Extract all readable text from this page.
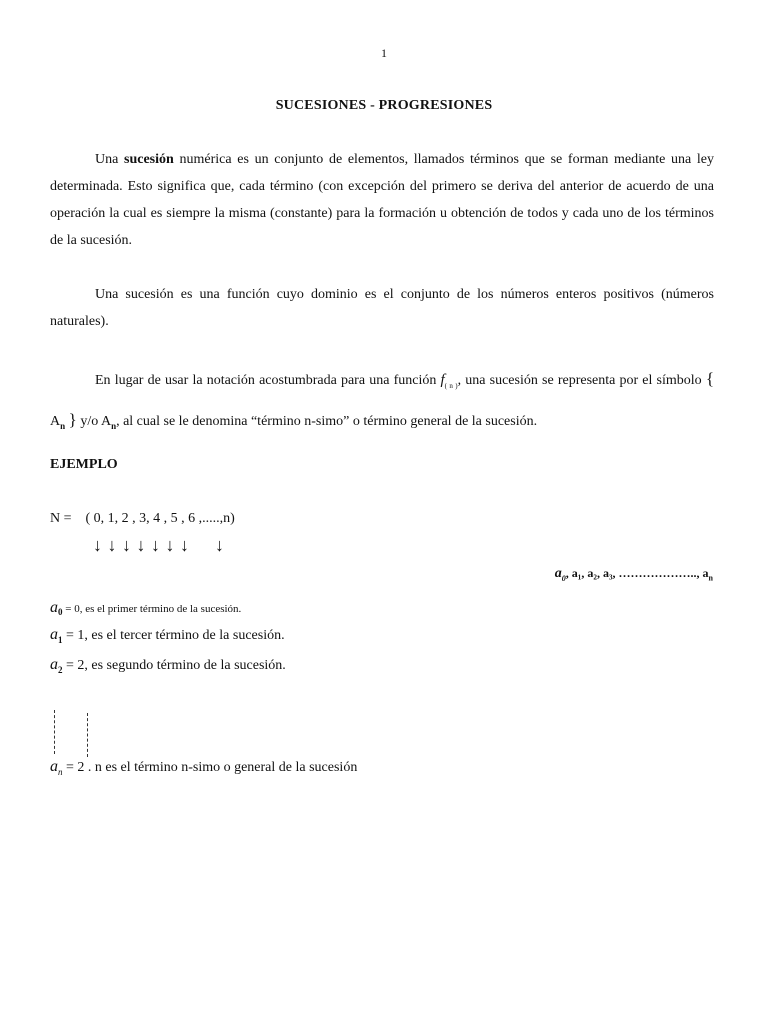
1
SUCESIONES - PROGRESIONES

Una sucesión numérica es un conjunto de elementos, llamados términos que se forman mediante una ley determinada. Esto significa que, cada término (con excepción del primero se deriva del anterior de acuerdo de una operación la cual es siempre la misma (constante) para la formación u obtención de todos y cada uno de los términos de la sucesión.

Una sucesión es una función cuyo dominio es el conjunto de los números enteros positivos (números naturales).

En lugar de usar la notación acostumbrada para una función $f_{( n )}$, una sucesión se representa por el símbolo { $A_n$ } y/o $A_n$, al cual se le denomina “término n-simo” o término general de la sucesión.

EJEMPLO
N = ( 0, 1, 2 , 3, 4 , 5 , 6 ,.....,n)
↓ ↓ ↓ ↓ ↓ ↓ ↓ ↓
$a_0$, a₁, a₂, a₃, ……………….., $a_n$
$a_0 = 0$, es el primer término de la sucesión.
$a_1 = 1$, es el tercer término de la sucesión.
$a_2 = 2$, es segundo término de la sucesión.
$a_n = 2$ . n es el término n-simo o general de la sucesión
